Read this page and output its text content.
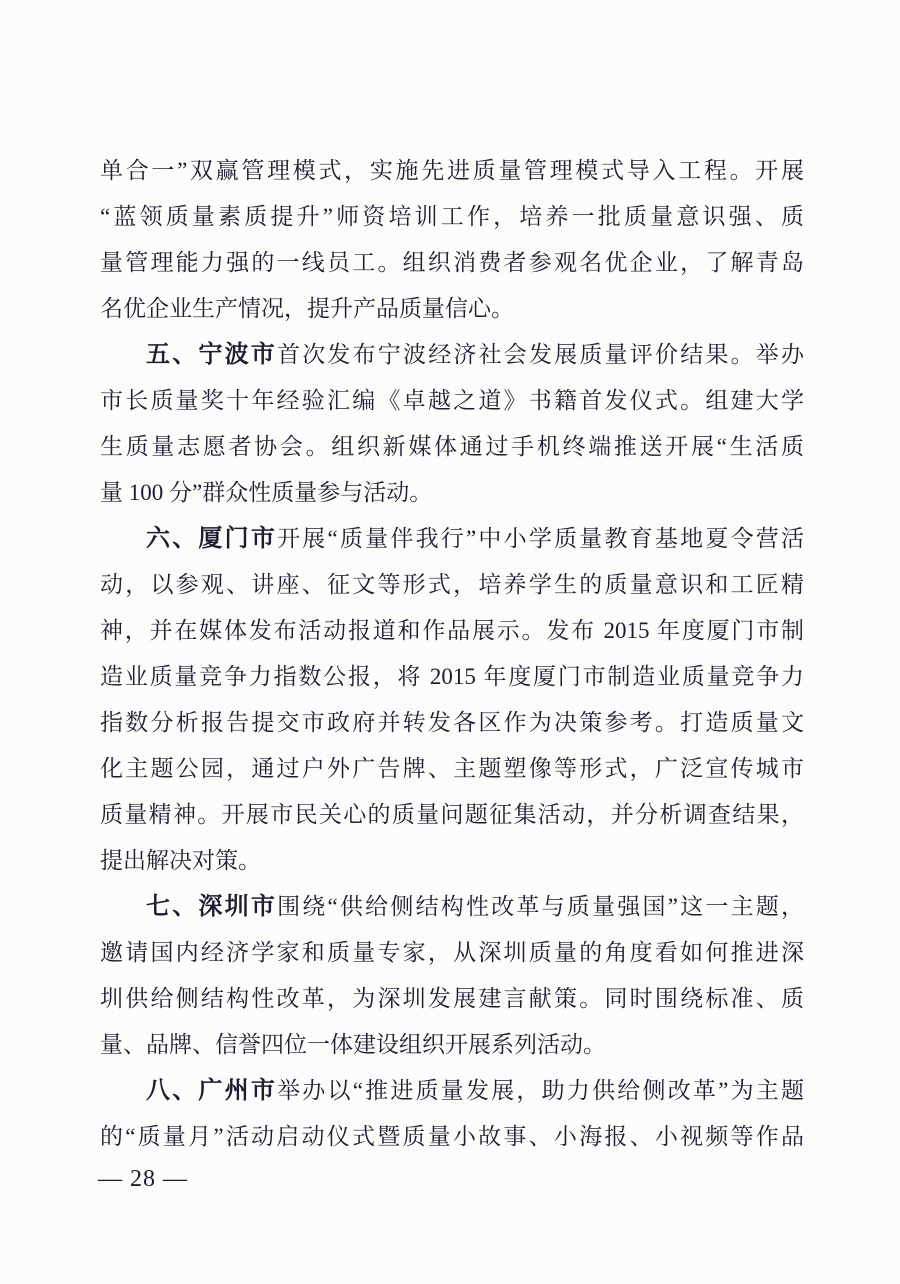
单合一”双赢管理模式，实施先进质量管理模式导入工程。开展
“蓝领质量素质提升”师资培训工作，培养一批质量意识强、质
量管理能力强的一线员工。组织消费者参观名优企业，了解青岛
名优企业生产情况，提升产品质量信心。

五、宁波市首次发布宁波经济社会发展质量评价结果。举办
市长质量奖十年经验汇编《卓越之道》书籍首发仪式。组建大学
生质量志愿者协会。组织新媒体通过手机终端推送开展“生活质
量 100 分”群众性质量参与活动。

六、厦门市开展“质量伴我行”中小学质量教育基地夏令营活
动，以参观、讲座、征文等形式，培养学生的质量意识和工匠精
神，并在媒体发布活动报道和作品展示。发布 2015 年度厦门市制
造业质量竞争力指数公报，将 2015 年度厦门市制造业质量竞争力
指数分析报告提交市政府并转发各区作为决策参考。打造质量文
化主题公园，通过户外广告牌、主题塑像等形式，广泛宣传城市
质量精神。开展市民关心的质量问题征集活动，并分析调查结果，
提出解决对策。

七、深圳市围绕“供给侧结构性改革与质量强国”这一主题，
邀请国内经济学家和质量专家，从深圳质量的角度看如何推进深
圳供给侧结构性改革，为深圳发展建言献策。同时围绕标准、质
量、品牌、信誉四位一体建设组织开展系列活动。

八、广州市举办以“推进质量发展，助力供给侧改革”为主题
的“质量月”活动启动仪式暨质量小故事、小海报、小视频等作品

— 28 —
